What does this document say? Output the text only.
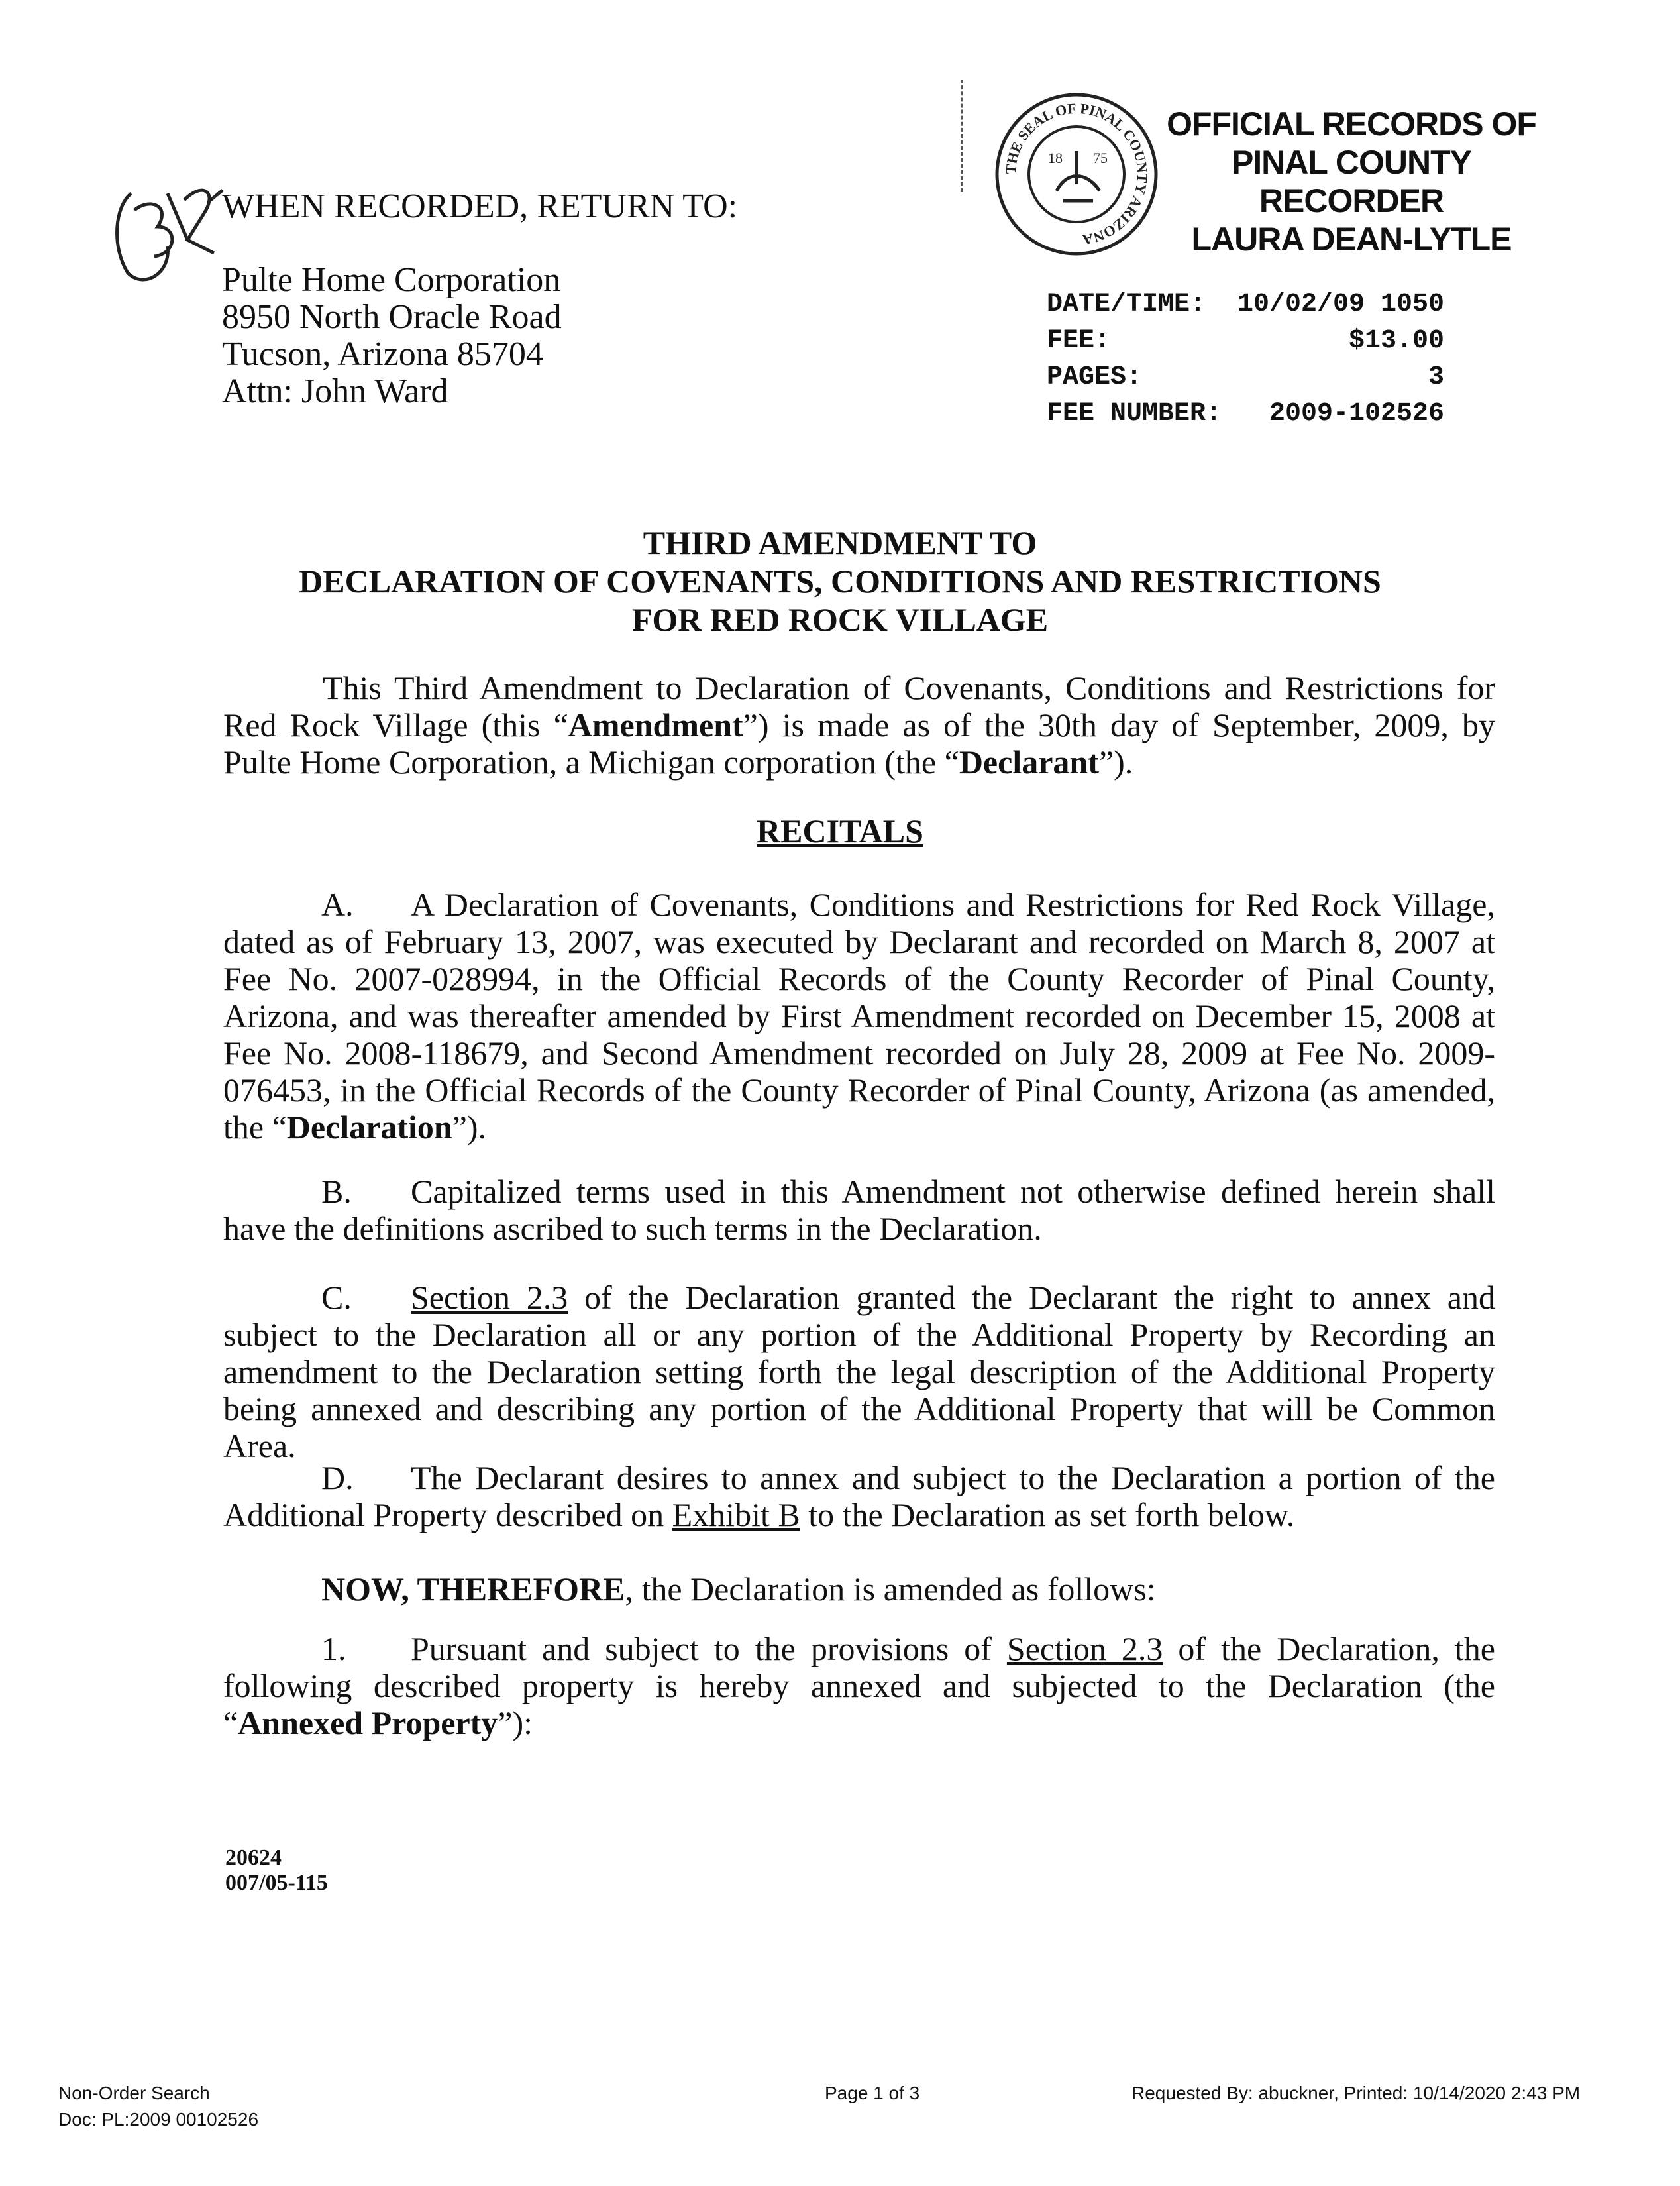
WHEN RECORDED, RETURN TO:
Pulte Home Corporation
8950 North Oracle Road
Tucson, Arizona 85704
Attn: John Ward
THE SEAL OF PINAL COUNTY ARIZONA
18 75
OFFICIAL RECORDS OF
PINAL COUNTY RECORDER
LAURA DEAN-LYTLE
DATE/TIME: 10/02/09 1050
FEE:	$13.00
PAGES:	3
FEE NUMBER: 2009-102526
THIRD AMENDMENT TO
DECLARATION OF COVENANTS, CONDITIONS AND RESTRICTIONS
FOR RED ROCK VILLAGE
This Third Amendment to Declaration of Covenants, Conditions and Restrictions for Red Rock Village (this “Amendment”) is made as of the 30th day of September, 2009, by Pulte Home Corporation, a Michigan corporation (the “Declarant”).
RECITALS
A. A Declaration of Covenants, Conditions and Restrictions for Red Rock Village, dated as of February 13, 2007, was executed by Declarant and recorded on March 8, 2007 at Fee No. 2007-028994, in the Official Records of the County Recorder of Pinal County, Arizona, and was thereafter amended by First Amendment recorded on December 15, 2008 at Fee No. 2008-118679, and Second Amendment recorded on July 28, 2009 at Fee No. 2009-076453, in the Official Records of the County Recorder of Pinal County, Arizona (as amended, the “Declaration”).
B. Capitalized terms used in this Amendment not otherwise defined herein shall have the definitions ascribed to such terms in the Declaration.
C. Section 2.3 of the Declaration granted the Declarant the right to annex and subject to the Declaration all or any portion of the Additional Property by Recording an amendment to the Declaration setting forth the legal description of the Additional Property being annexed and describing any portion of the Additional Property that will be Common Area.
D. The Declarant desires to annex and subject to the Declaration a portion of the Additional Property described on Exhibit B to the Declaration as set forth below.
NOW, THEREFORE, the Declaration is amended as follows:
1. Pursuant and subject to the provisions of Section 2.3 of the Declaration, the following described property is hereby annexed and subjected to the Declaration (the “Annexed Property”):
20624
007/05-115
Non-Order Search
Doc: PL:2009 00102526
Page 1 of 3	Requested By: abuckner, Printed: 10/14/2020 2:43 PM
